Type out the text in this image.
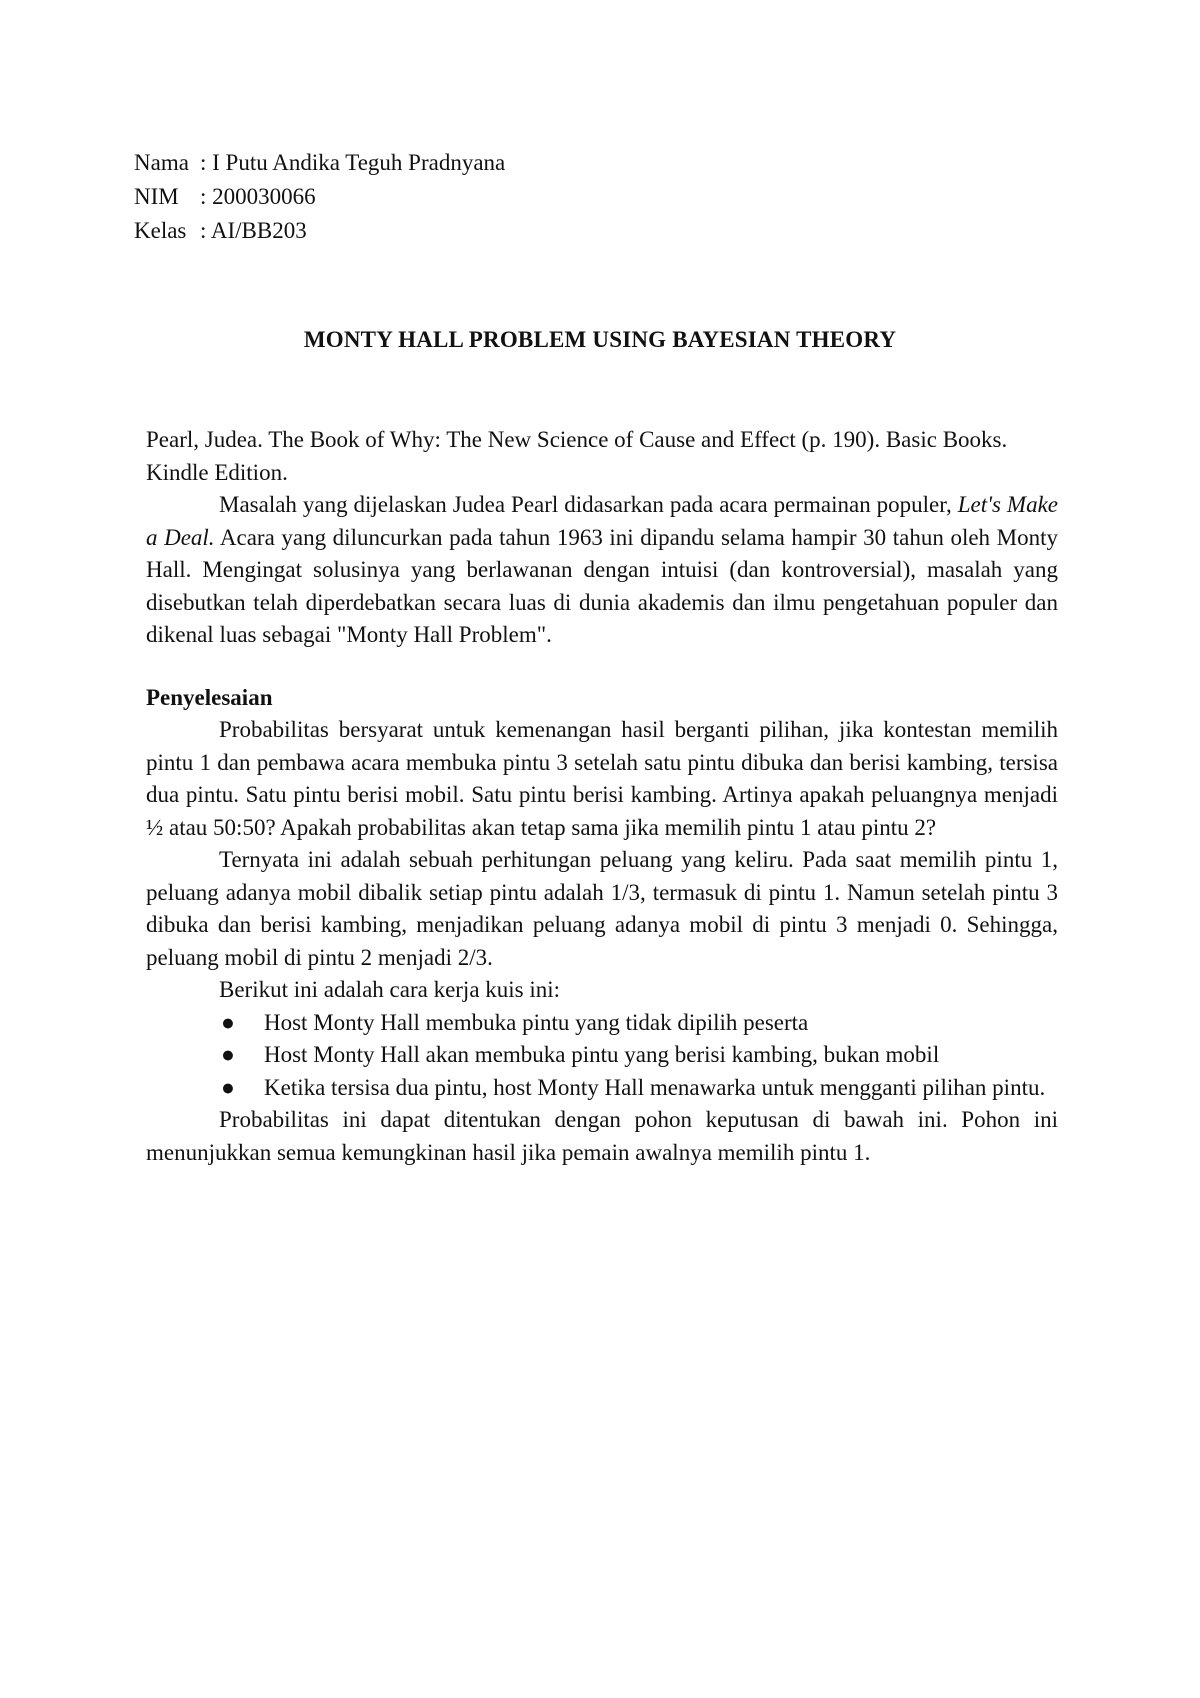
Nama : I Putu Andika Teguh Pradnyana
NIM : 200030066
Kelas : AI/BB203
MONTY HALL PROBLEM USING BAYESIAN THEORY

Pearl, Judea. The Book of Why: The New Science of Cause and Effect (p. 190). Basic Books. Kindle Edition.

Masalah yang dijelaskan Judea Pearl didasarkan pada acara permainan populer, Let's Make a Deal. Acara yang diluncurkan pada tahun 1963 ini dipandu selama hampir 30 tahun oleh Monty Hall. Mengingat solusinya yang berlawanan dengan intuisi (dan kontroversial), masalah yang disebutkan telah diperdebatkan secara luas di dunia akademis dan ilmu pengetahuan populer dan dikenal luas sebagai "Monty Hall Problem".

Penyelesaian

Probabilitas bersyarat untuk kemenangan hasil berganti pilihan, jika kontestan memilih pintu 1 dan pembawa acara membuka pintu 3 setelah satu pintu dibuka dan berisi kambing, tersisa dua pintu. Satu pintu berisi mobil. Satu pintu berisi kambing. Artinya apakah peluangnya menjadi ½ atau 50:50? Apakah probabilitas akan tetap sama jika memilih pintu 1 atau pintu 2?

Ternyata ini adalah sebuah perhitungan peluang yang keliru. Pada saat memilih pintu 1, peluang adanya mobil dibalik setiap pintu adalah 1/3, termasuk di pintu 1. Namun setelah pintu 3 dibuka dan berisi kambing, menjadikan peluang adanya mobil di pintu 3 menjadi 0. Sehingga, peluang mobil di pintu 2 menjadi 2/3.

Berikut ini adalah cara kerja kuis ini:

● Host Monty Hall membuka pintu yang tidak dipilih peserta
● Host Monty Hall akan membuka pintu yang berisi kambing, bukan mobil
● Ketika tersisa dua pintu, host Monty Hall menawarka untuk mengganti pilihan pintu.

Probabilitas ini dapat ditentukan dengan pohon keputusan di bawah ini. Pohon ini menunjukkan semua kemungkinan hasil jika pemain awalnya memilih pintu 1.
